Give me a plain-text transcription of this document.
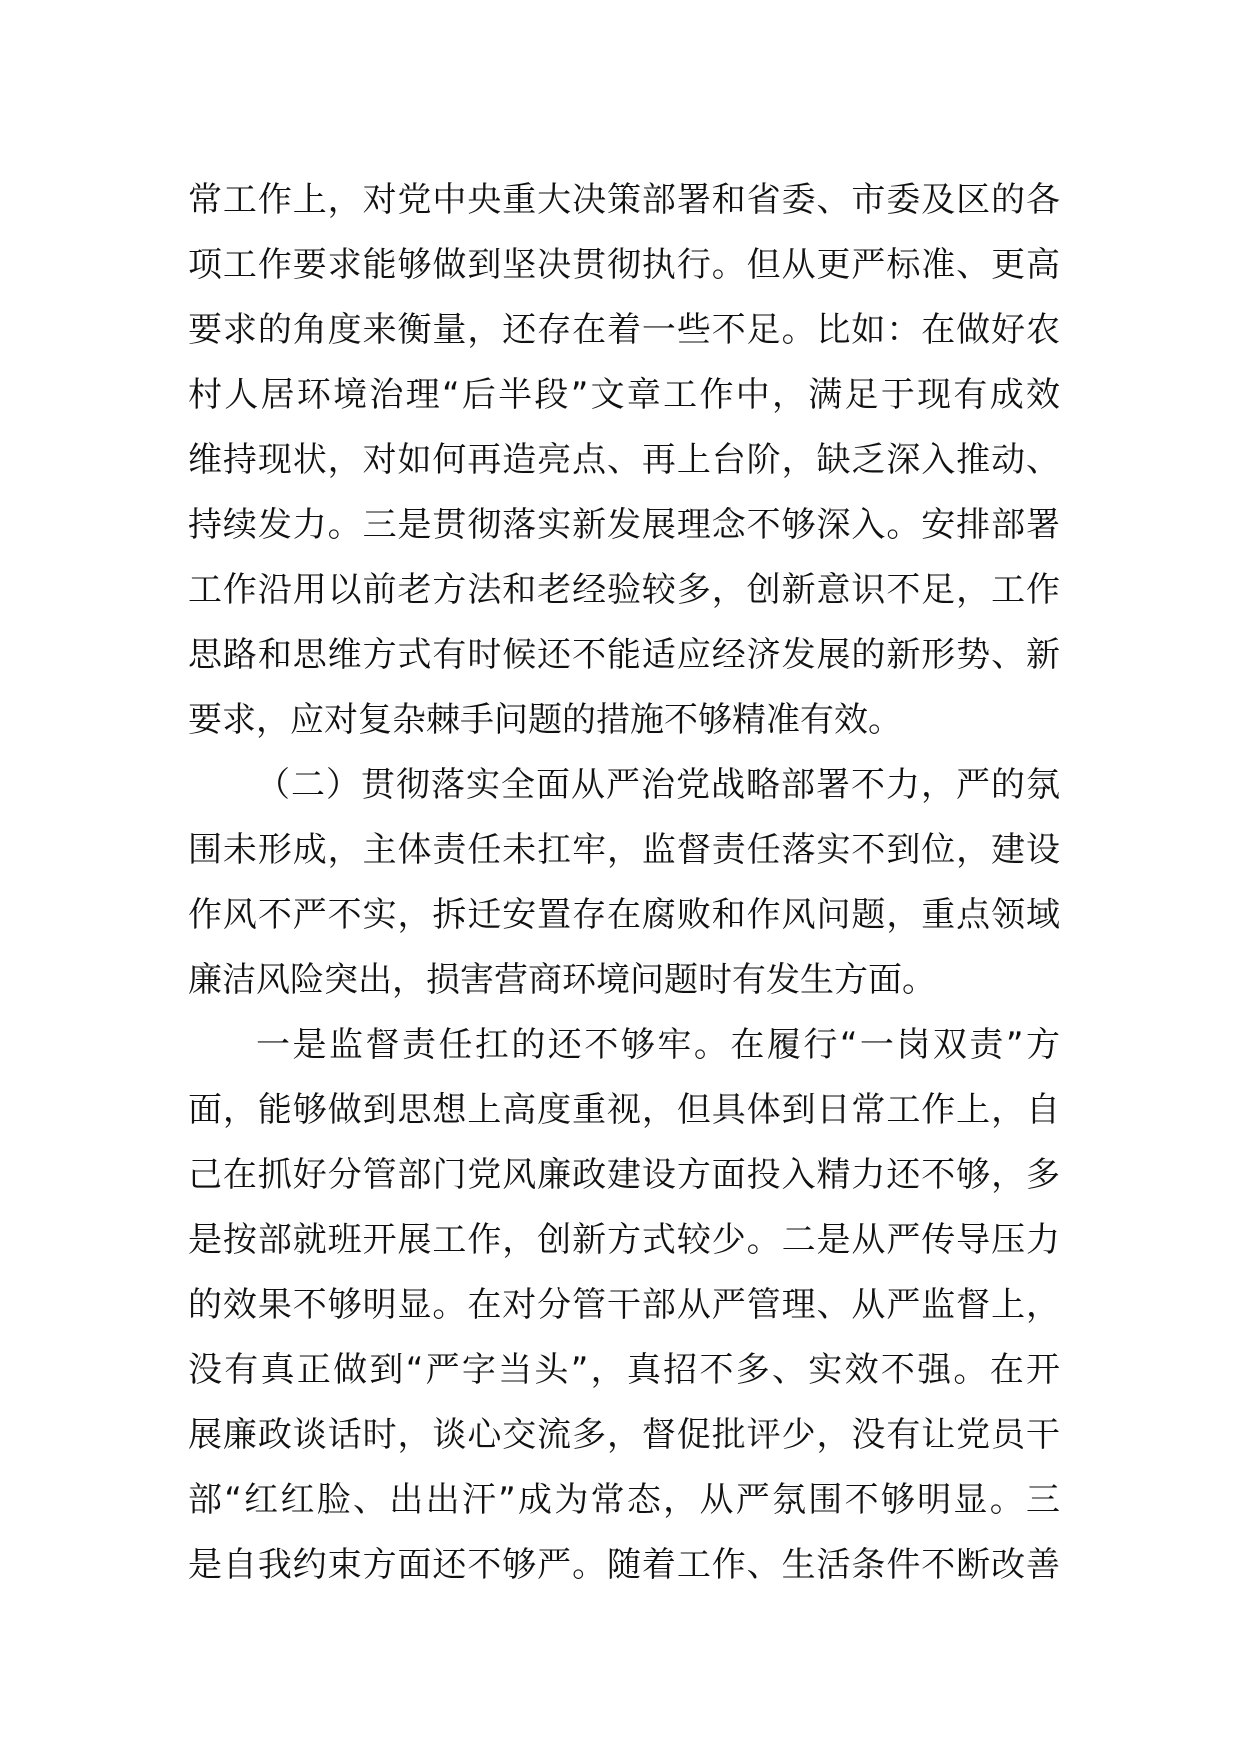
常工作上，对党中央重大决策部署和省委、市委及区的各
项工作要求能够做到坚决贯彻执行。但从更严标准、更高
要求的角度来衡量，还存在着一些不足。比如：在做好农
村人居环境治理“后半段”文章工作中，满足于现有成效
维持现状，对如何再造亮点、再上台阶，缺乏深入推动、
持续发力。三是贯彻落实新发展理念不够深入。安排部署
工作沿用以前老方法和老经验较多，创新意识不足，工作
思路和思维方式有时候还不能适应经济发展的新形势、新
要求，应对复杂棘手问题的措施不够精准有效。
（二）贯彻落实全面从严治党战略部署不力，严的氛
围未形成，主体责任未扛牢，监督责任落实不到位，建设
作风不严不实，拆迁安置存在腐败和作风问题，重点领域
廉洁风险突出，损害营商环境问题时有发生方面。
一是监督责任扛的还不够牢。在履行“一岗双责”方
面，能够做到思想上高度重视，但具体到日常工作上，自
己在抓好分管部门党风廉政建设方面投入精力还不够，多
是按部就班开展工作，创新方式较少。二是从严传导压力
的效果不够明显。在对分管干部从严管理、从严监督上，
没有真正做到“严字当头”，真招不多、实效不强。在开
展廉政谈话时，谈心交流多，督促批评少，没有让党员干
部“红红脸、出出汗”成为常态，从严氛围不够明显。三
是自我约束方面还不够严。随着工作、生活条件不断改善
